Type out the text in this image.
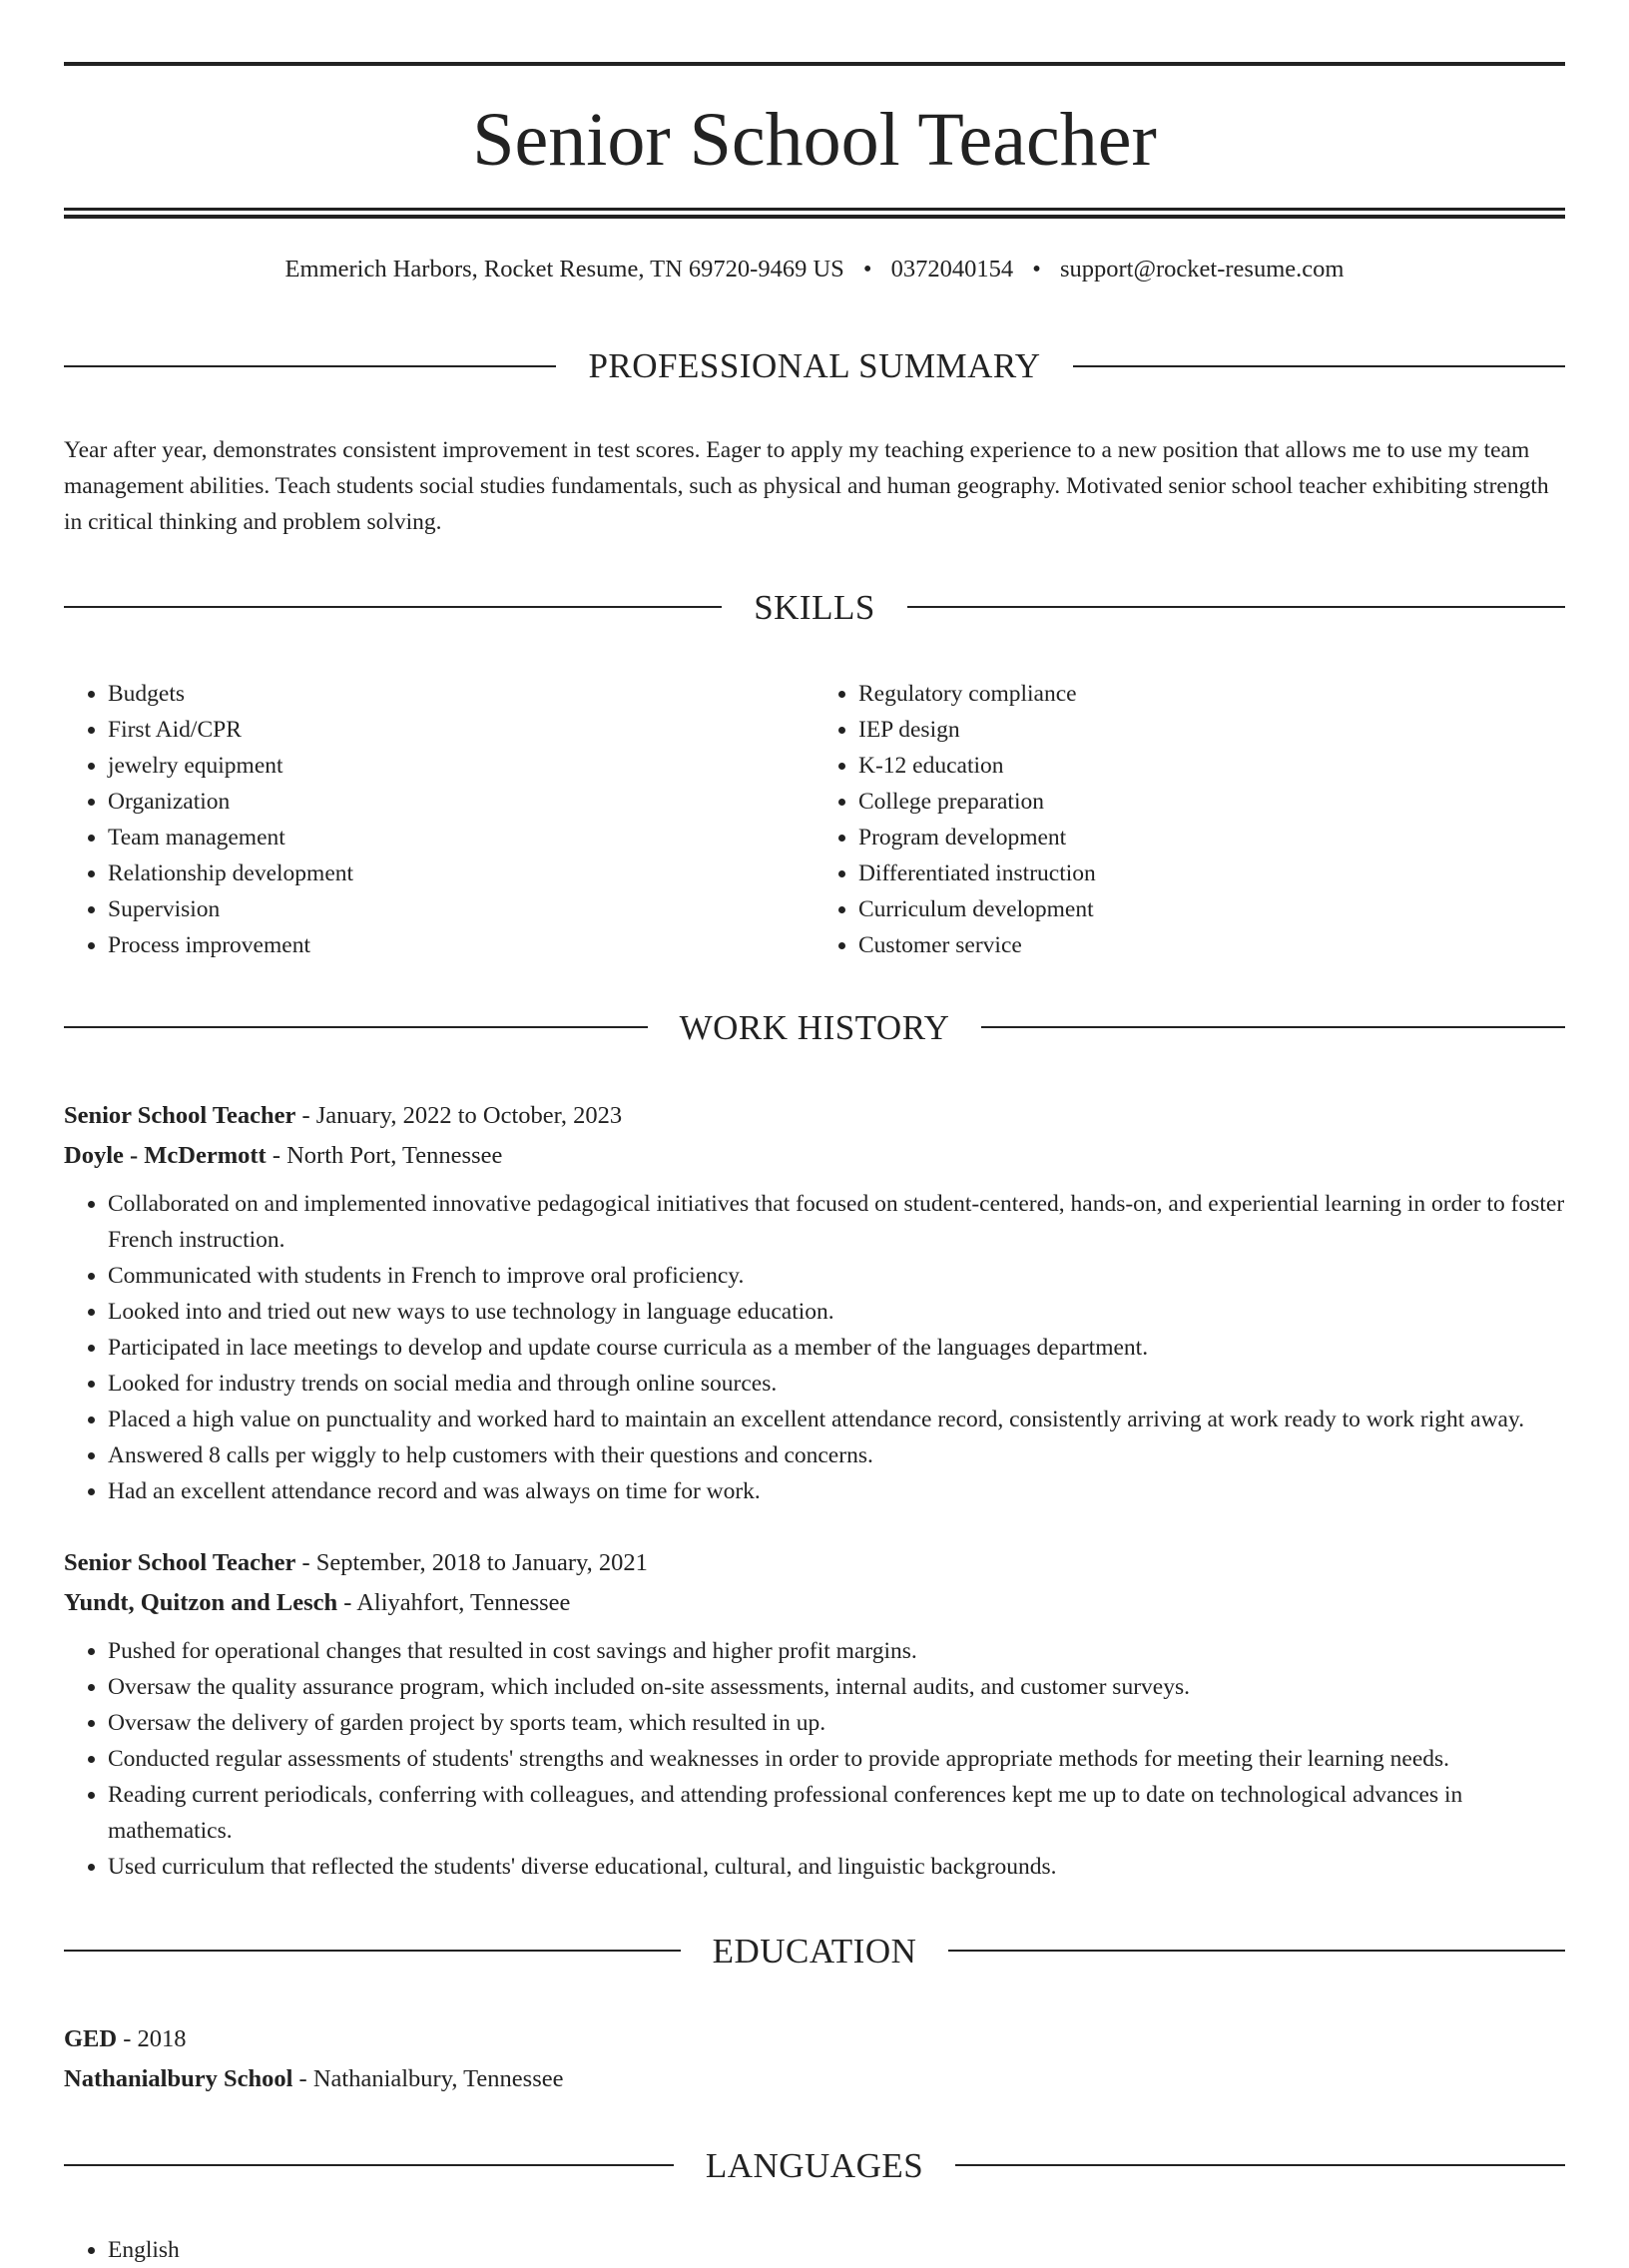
Senior School Teacher
Emmerich Harbors, Rocket Resume, TN 69720-9469 US • 0372040154 • support@rocket-resume.com
PROFESSIONAL SUMMARY

Year after year, demonstrates consistent improvement in test scores. Eager to apply my teaching experience to a new position that allows me to use my team management abilities. Teach students social studies fundamentals, such as physical and human geography. Motivated senior school teacher exhibiting strength in critical thinking and problem solving.

SKILLS
• Budgets
• First Aid/CPR
• jewelry equipment
• Organization
• Team management
• Relationship development
• Supervision
• Process improvement
• Regulatory compliance
• IEP design
• K-12 education
• College preparation
• Program development
• Differentiated instruction
• Curriculum development
• Customer service
WORK HISTORY
Senior School Teacher - January, 2022 to October, 2023
Doyle - McDermott - North Port, Tennessee
• Collaborated on and implemented innovative pedagogical initiatives that focused on student-centered, hands-on, and experiential learning in order to foster French instruction.
• Communicated with students in French to improve oral proficiency.
• Looked into and tried out new ways to use technology in language education.
• Participated in lace meetings to develop and update course curricula as a member of the languages department.
• Looked for industry trends on social media and through online sources.
• Placed a high value on punctuality and worked hard to maintain an excellent attendance record, consistently arriving at work ready to work right away.
• Answered 8 calls per wiggly to help customers with their questions and concerns.
• Had an excellent attendance record and was always on time for work.
Senior School Teacher - September, 2018 to January, 2021
Yundt, Quitzon and Lesch - Aliyahfort, Tennessee
• Pushed for operational changes that resulted in cost savings and higher profit margins.
• Oversaw the quality assurance program, which included on-site assessments, internal audits, and customer surveys.
• Oversaw the delivery of garden project by sports team, which resulted in up.
• Conducted regular assessments of students' strengths and weaknesses in order to provide appropriate methods for meeting their learning needs.
• Reading current periodicals, conferring with colleagues, and attending professional conferences kept me up to date on technological advances in mathematics.
• Used curriculum that reflected the students' diverse educational, cultural, and linguistic backgrounds.
EDUCATION
GED - 2018
Nathanialbury School - Nathanialbury, Tennessee
LANGUAGES
• English
